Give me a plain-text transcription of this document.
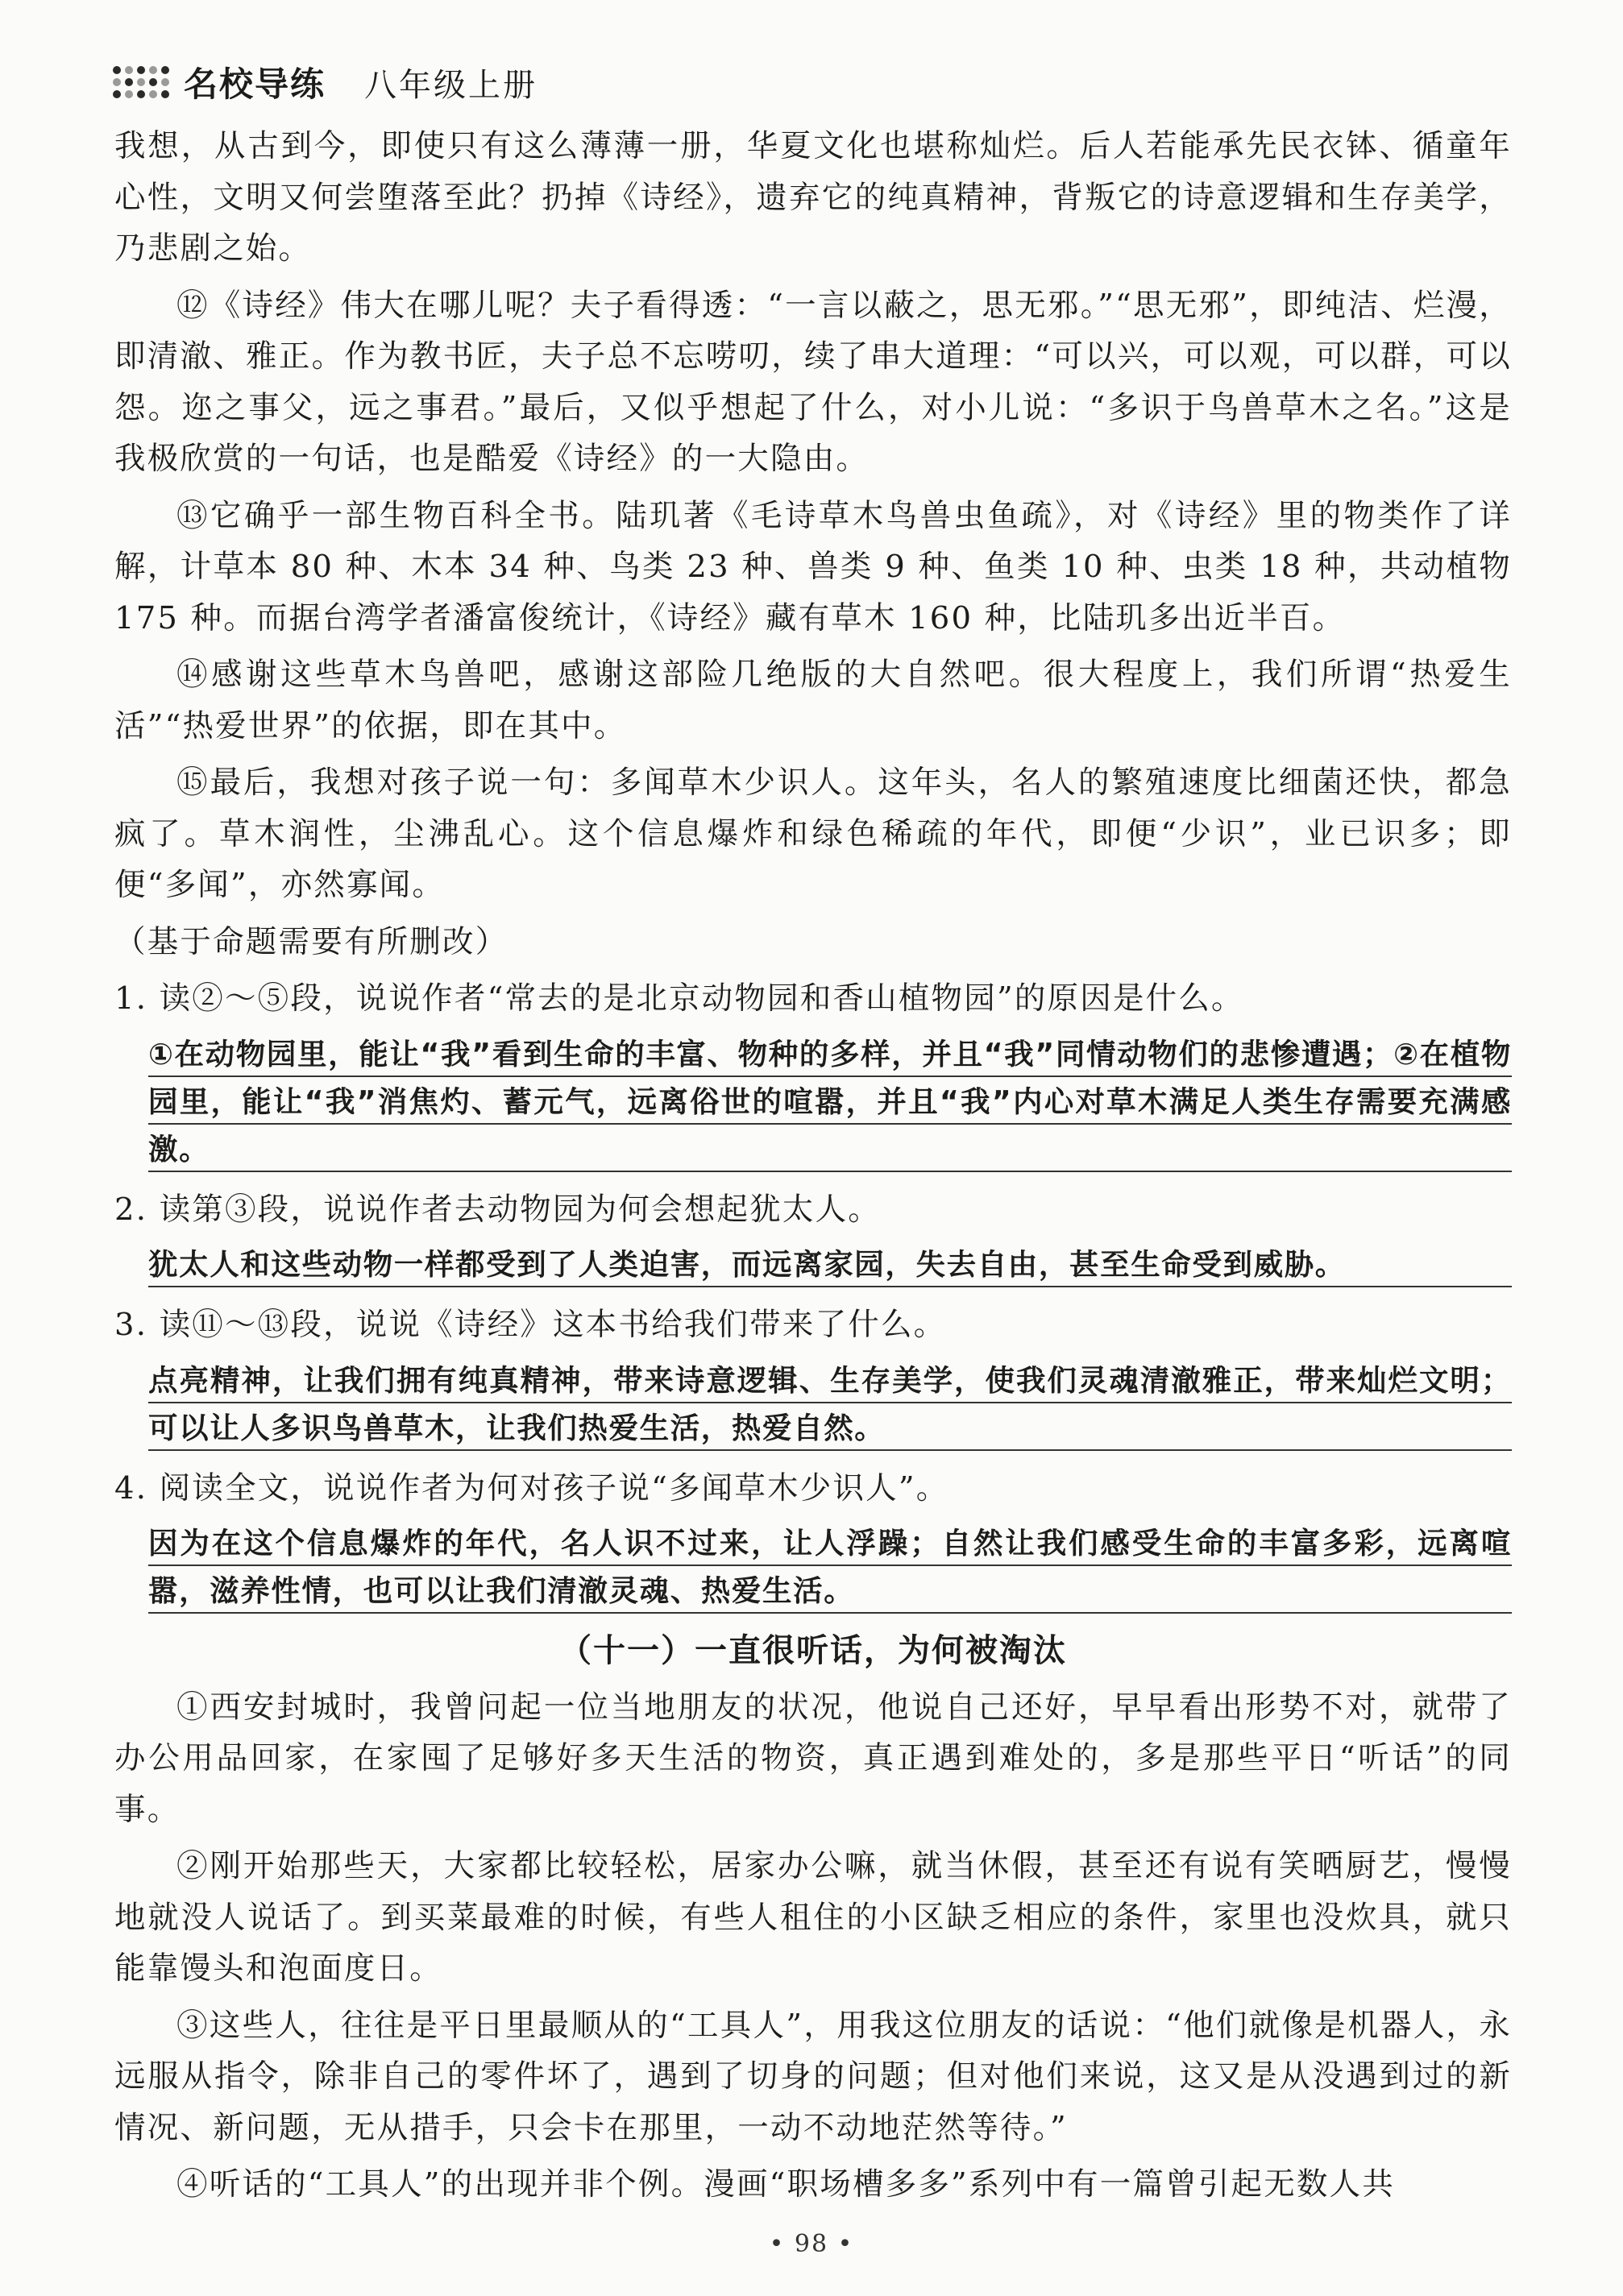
名校导练 八年级上册

我想，从古到今，即使只有这么薄薄一册，华夏文化也堪称灿烂。后人若能承先民衣钵、循童年心性，文明又何尝堕落至此？扔掉《诗经》，遗弃它的纯真精神，背叛它的诗意逻辑和生存美学，乃悲剧之始。

⑫《诗经》伟大在哪儿呢？夫子看得透：“一言以蔽之，思无邪。”“思无邪”，即纯洁、烂漫，即清澈、雅正。作为教书匠，夫子总不忘唠叨，续了串大道理：“可以兴，可以观，可以群，可以怨。迩之事父，远之事君。”最后，又似乎想起了什么，对小儿说：“多识于鸟兽草木之名。”这是我极欣赏的一句话，也是酷爱《诗经》的一大隐由。

⑬它确乎一部生物百科全书。陆玑著《毛诗草木鸟兽虫鱼疏》，对《诗经》里的物类作了详解，计草本 80 种、木本 34 种、鸟类 23 种、兽类 9 种、鱼类 10 种、虫类 18 种，共动植物 175 种。而据台湾学者潘富俊统计，《诗经》藏有草木 160 种，比陆玑多出近半百。

⑭感谢这些草木鸟兽吧，感谢这部险几绝版的大自然吧。很大程度上，我们所谓“热爱生活”“热爱世界”的依据，即在其中。

⑮最后，我想对孩子说一句：多闻草木少识人。这年头，名人的繁殖速度比细菌还快，都急疯了。草木润性，尘沸乱心。这个信息爆炸和绿色稀疏的年代，即便“少识”，业已识多；即便“多闻”，亦然寡闻。

（基于命题需要有所删改）

1. 读②～⑤段，说说作者“常去的是北京动物园和香山植物园”的原因是什么。

①在动物园里，能让“我”看到生命的丰富、物种的多样，并且“我”同情动物们的悲惨遭遇；②在植物园里，能让“我”消焦灼、蓄元气，远离俗世的喧嚣，并且“我”内心对草木满足人类生存需要充满感激。

2. 读第③段，说说作者去动物园为何会想起犹太人。

犹太人和这些动物一样都受到了人类迫害，而远离家园，失去自由，甚至生命受到威胁。

3. 读⑪～⑬段，说说《诗经》这本书给我们带来了什么。

点亮精神，让我们拥有纯真精神，带来诗意逻辑、生存美学，使我们灵魂清澈雅正，带来灿烂文明；可以让人多识鸟兽草木，让我们热爱生活，热爱自然。

4. 阅读全文，说说作者为何对孩子说“多闻草木少识人”。

因为在这个信息爆炸的年代，名人识不过来，让人浮躁；自然让我们感受生命的丰富多彩，远离喧嚣，滋养性情，也可以让我们清澈灵魂、热爱生活。
（十一）一直很听话，为何被淘汰

①西安封城时，我曾问起一位当地朋友的状况，他说自己还好，早早看出形势不对，就带了办公用品回家，在家囤了足够好多天生活的物资，真正遇到难处的，多是那些平日“听话”的同事。

②刚开始那些天，大家都比较轻松，居家办公嘛，就当休假，甚至还有说有笑晒厨艺，慢慢地就没人说话了。到买菜最难的时候，有些人租住的小区缺乏相应的条件，家里也没炊具，就只能靠馒头和泡面度日。

③这些人，往往是平日里最顺从的“工具人”，用我这位朋友的话说：“他们就像是机器人，永远服从指令，除非自己的零件坏了，遇到了切身的问题；但对他们来说，这又是从没遇到过的新情况、新问题，无从措手，只会卡在那里，一动不动地茫然等待。”

④听话的“工具人”的出现并非个例。漫画“职场槽多多”系列中有一篇曾引起无数人共

• 98 •
